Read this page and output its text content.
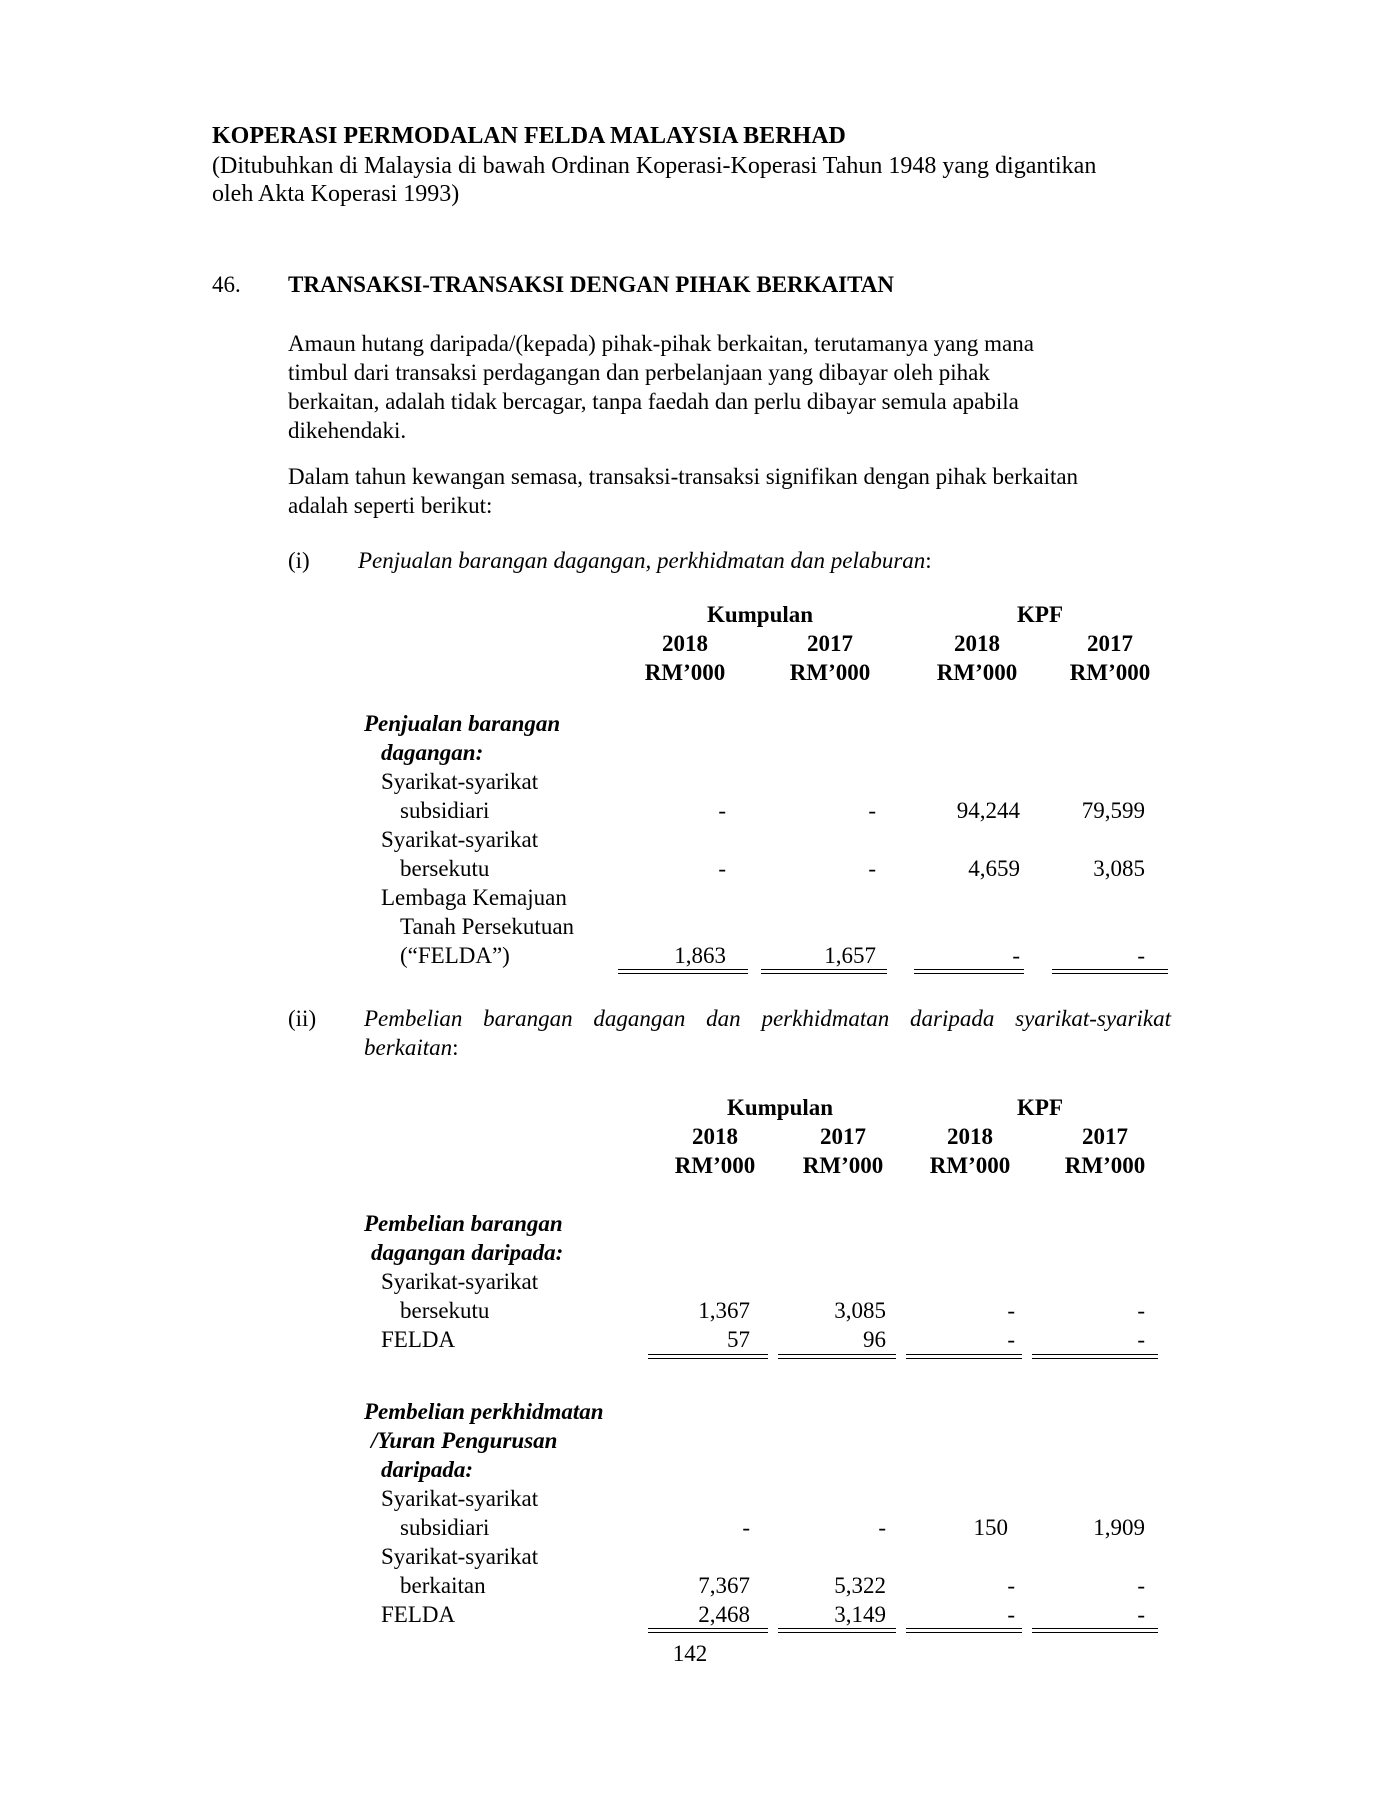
KOPERASI PERMODALAN FELDA MALAYSIA BERHAD
(Ditubuhkan di Malaysia di bawah Ordinan Koperasi-Koperasi Tahun 1948 yang digantikan
oleh Akta Koperasi 1993)
46. TRANSAKSI-TRANSAKSI DENGAN PIHAK BERKAITAN
Amaun hutang daripada/(kepada) pihak-pihak berkaitan, terutamanya yang mana
timbul dari transaksi perdagangan dan perbelanjaan yang dibayar oleh pihak
berkaitan, adalah tidak bercagar, tanpa faedah dan perlu dibayar semula apabila
dikehendaki.
Dalam tahun kewangan semasa, transaksi-transaksi signifikan dengan pihak berkaitan
adalah seperti berikut:
(i) Penjualan barangan dagangan, perkhidmatan dan pelaburan:
Kumpulan	KPF
2018	2017	2018	2017
RM’000	RM’000	RM’000	RM’000
Penjualan barangan
dagangan:
Syarikat-syarikat
subsidiari	-	-	94,244	79,599
Syarikat-syarikat
bersekutu	-	-	4,659	3,085
Lembaga Kemajuan
Tanah Persekutuan
(“FELDA”)	1,863	1,657	-	-
(ii) Pembelian barangan dagangan dan perkhidmatan daripada syarikat-syarikat
berkaitan:
Kumpulan	KPF
2018	2017	2018	2017
RM’000	RM’000	RM’000	RM’000
Pembelian barangan
dagangan daripada:
Syarikat-syarikat
bersekutu	1,367	3,085	-	-
FELDA	57	96	-	-
Pembelian perkhidmatan
/Yuran Pengurusan
daripada:
Syarikat-syarikat
subsidiari	-	-	150	1,909
Syarikat-syarikat
berkaitan	7,367	5,322	-	-
FELDA	2,468	3,149	-	-
142
